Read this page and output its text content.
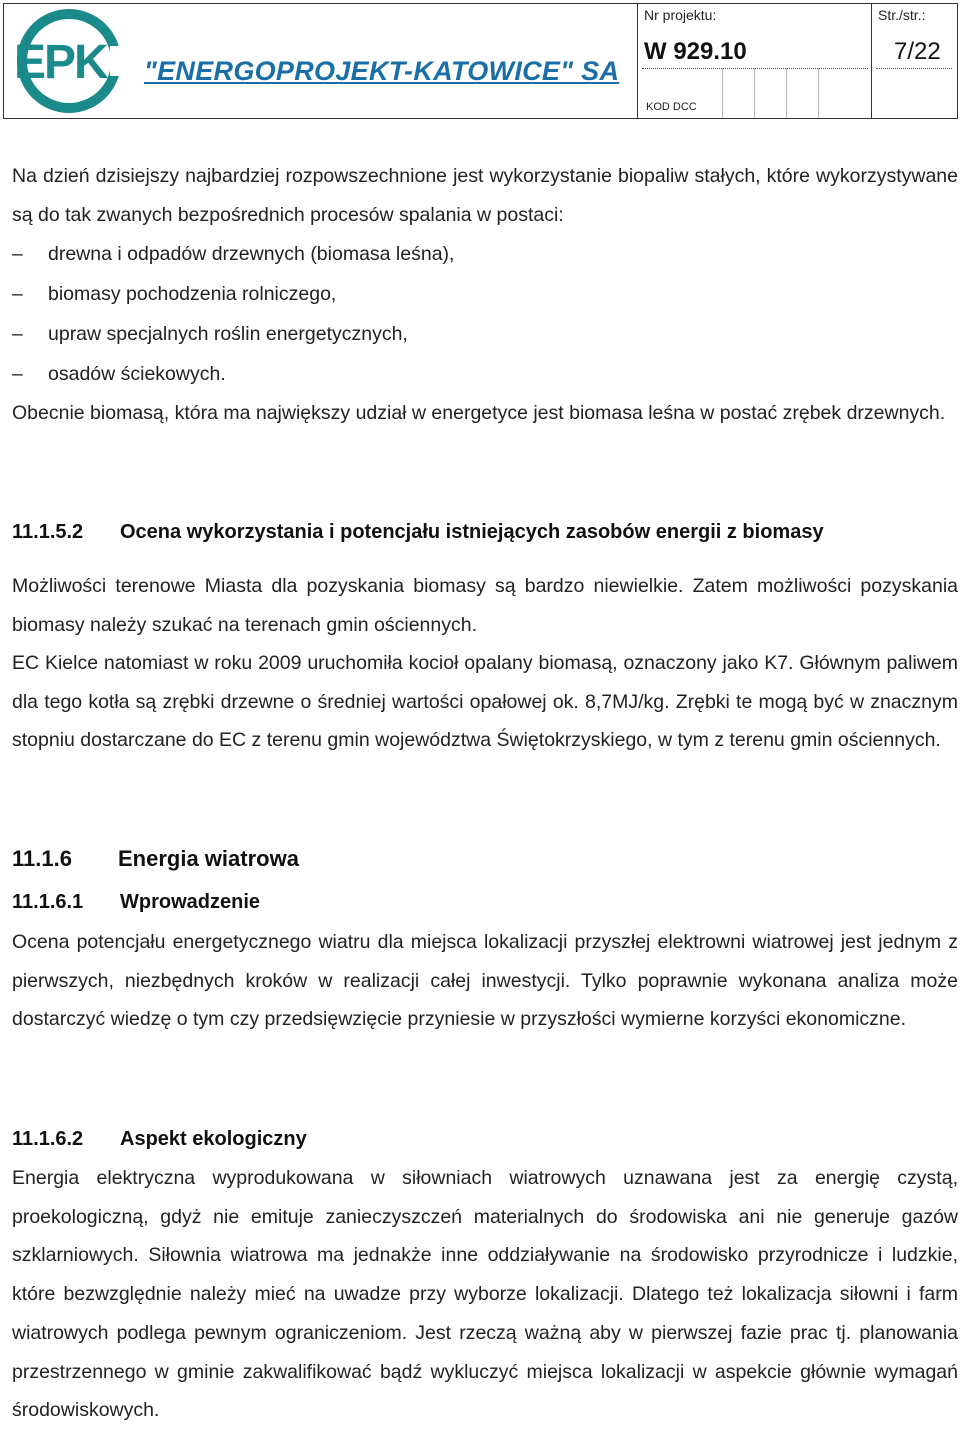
EPK "ENERGOPROJEKT-KATOWICE" SA
Nr projektu:
W 929.10
KOD DCC
Str./str.:
7/22

Na dzień dzisiejszy najbardziej rozpowszechnione jest wykorzystanie biopaliw stałych, które wykorzystywane są do tak zwanych bezpośrednich procesów spalania w postaci:

–	drewna i odpadów drzewnych (biomasa leśna),
–	biomasy pochodzenia rolniczego,
–	upraw specjalnych roślin energetycznych,
–	osadów ściekowych.

Obecnie biomasą, która ma największy udział w energetyce jest biomasa leśna w postać zrębek drzewnych.

11.1.5.2 Ocena wykorzystania i potencjału istniejących zasobów energii z biomasy

Możliwości terenowe Miasta dla pozyskania biomasy są bardzo niewielkie. Zatem możliwości pozyskania biomasy należy szukać na terenach gmin ościennych.

EC Kielce natomiast w roku 2009 uruchomiła kocioł opalany biomasą, oznaczony jako K7. Głównym paliwem dla tego kotła są zrębki drzewne o średniej wartości opałowej ok. 8,7MJ/kg. Zrębki te mogą być w znacznym stopniu dostarczane do EC z terenu gmin województwa Świętokrzyskiego, w tym z terenu gmin ościennych.

11.1.6 Energia wiatrowa
11.1.6.1 Wprowadzenie

Ocena potencjału energetycznego wiatru dla miejsca lokalizacji przyszłej elektrowni wiatrowej jest jednym z pierwszych, niezbędnych kroków w realizacji całej inwestycji. Tylko poprawnie wykonana analiza może dostarczyć wiedzę o tym czy przedsięwzięcie przyniesie w przyszłości wymierne korzyści ekonomiczne.

11.1.6.2 Aspekt ekologiczny

Energia elektryczna wyprodukowana w siłowniach wiatrowych uznawana jest za energię czystą, proekologiczną, gdyż nie emituje zanieczyszczeń materialnych do środowiska ani nie generuje gazów szklarniowych. Siłownia wiatrowa ma jednakże inne oddziaływanie na środowisko przyrodnicze i ludzkie, które bezwzględnie należy mieć na uwadze przy wyborze lokalizacji. Dlatego też lokalizacja siłowni i farm wiatrowych podlega pewnym ograniczeniom. Jest rzeczą ważną aby w pierwszej fazie prac tj. planowania przestrzennego w gminie zakwalifikować bądź wykluczyć miejsca lokalizacji w aspekcie głównie wymagań środowiskowych.
